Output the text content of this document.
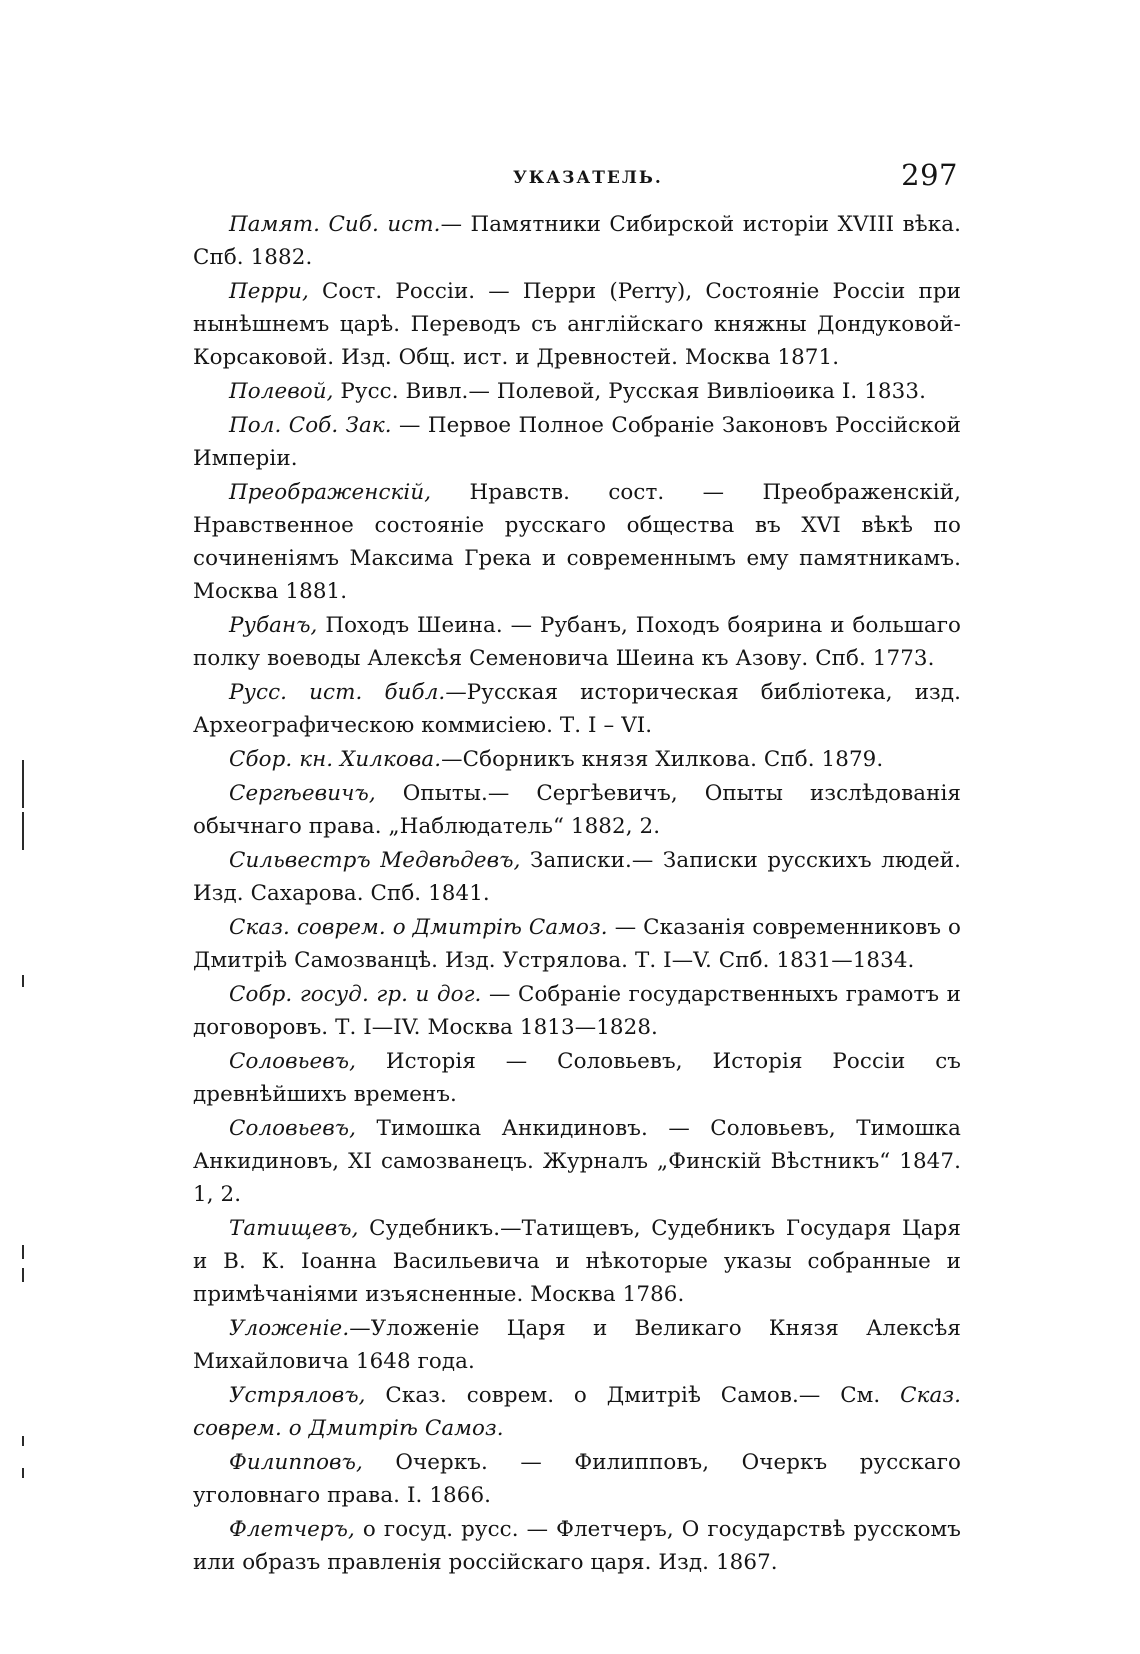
УКАЗАТЕЛЬ.	297

Памят. Сиб. ист.— Памятники Сибирской исторіи XVIII вѣка. Спб. 1882.

Перри, Сост. Россіи. — Перри (Perry), Состояніе Россіи при нынѣшнемъ царѣ. Переводъ съ англійскаго княжны Дондуковой-Корсаковой. Изд. Общ. ист. и Древностей. Москва 1871.

Полевой, Русс. Вивл.— Полевой, Русская Вивліоѳика I. 1833.

Пол. Соб. Зак. — Первое Полное Собраніе Законовъ Россійской Имперіи.

Преображенскій, Нравств. сост. — Преображенскій, Нравственное состояніе русскаго общества въ XVI вѣкѣ по сочиненіямъ Максима Грека и современнымъ ему памятникамъ. Москва 1881.

Рубанъ, Походъ Шеина. — Рубанъ, Походъ боярина и большаго полку воеводы Алексѣя Семеновича Шеина къ Азову. Спб. 1773.

Русс. ист. библ.—Русская историческая библіотека, изд. Археографическою коммисіею. Т. I – VI.

Сбор. кн. Хилкова.—Сборникъ князя Хилкова. Спб. 1879.

Сергѣевичъ, Опыты.— Сергѣевичъ, Опыты изслѣдованія обычнаго права. „Наблюдатель“ 1882, 2.

Сильвестръ Медвѣдевъ, Записки.— Записки русскихъ людей. Изд. Сахарова. Спб. 1841.

Сказ. соврем. о Дмитріѣ Самоз. — Сказанія современниковъ о Дмитріѣ Самозванцѣ. Изд. Устрялова. Т. I—V. Спб. 1831—1834.

Собр. госуд. гр. и дог. — Собраніе государственныхъ грамотъ и договоровъ. Т. I—IV. Москва 1813—1828.

Соловьевъ, Исторія — Соловьевъ, Исторія Россіи съ древнѣйшихъ временъ.

Соловьевъ, Тимошка Анкидиновъ. — Соловьевъ, Тимошка Анкидиновъ, XI самозванецъ. Журналъ „Финскій Вѣстникъ“ 1847. 1, 2.

Татищевъ, Судебникъ.—Татищевъ, Судебникъ Государя Царя и В. К. Іоанна Васильевича и нѣкоторые указы собранные и примѣчаніями изъясненные. Москва 1786.

Уложеніе.—Уложеніе Царя и Великаго Князя Алексѣя Михайловича 1648 года.

Устряловъ, Сказ. соврем. о Дмитріѣ Самов.— См. Сказ. соврем. о Дмитріѣ Самоз.

Филипповъ, Очеркъ. — Филипповъ, Очеркъ русскаго уголовнаго права. I. 1866.

Флетчеръ, о госуд. русс. — Флетчеръ, О государствѣ русскомъ или образъ правленія россійскаго царя. Изд. 1867.
